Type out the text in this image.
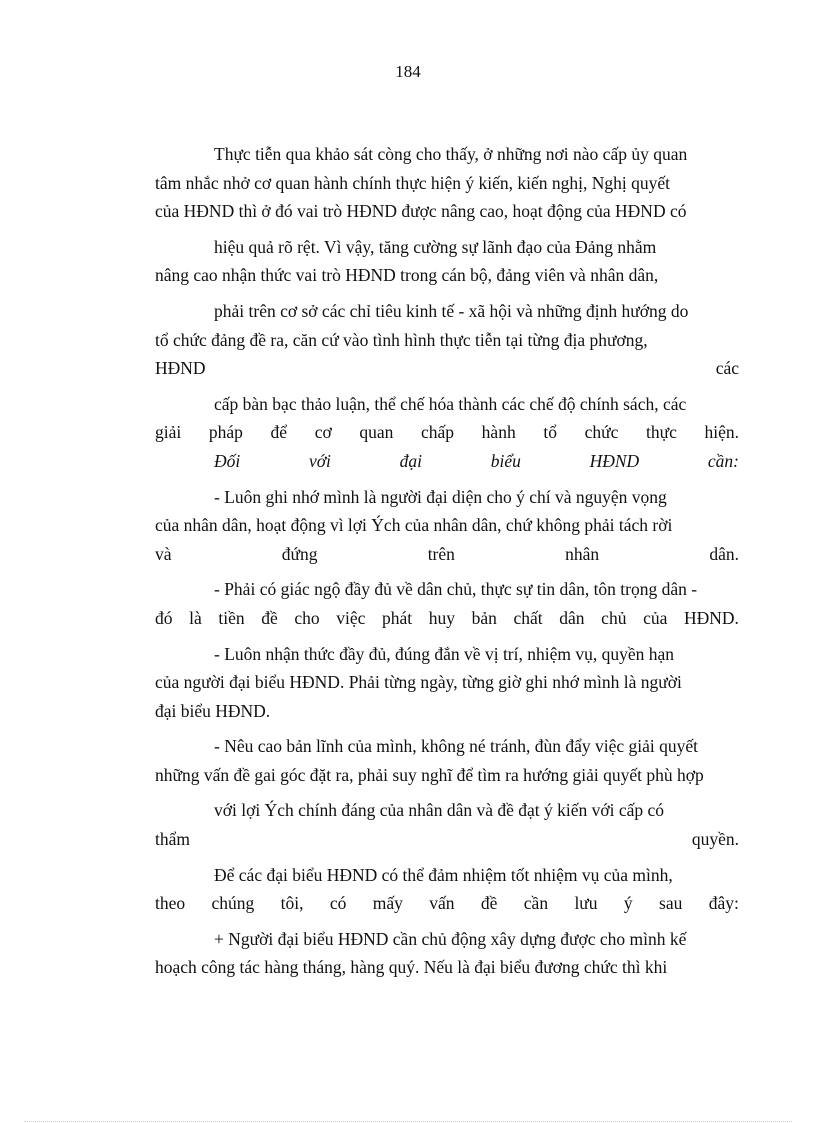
184
Thực tiễn qua khảo sát còng cho thấy, ở những nơi nào cấp ủy quan
tâm nhắc nhở cơ quan hành chính thực hiện ý kiến, kiến nghị, Nghị quyết
của HĐND thì ở đó vai trò HĐND được nâng cao, hoạt động của HĐND có
hiệu quả rõ rệt. Vì vậy, tăng cường sự lãnh đạo của Đảng nhằm
nâng cao nhận thức vai trò HĐND trong cán bộ, đảng viên và nhân dân,
phải trên cơ sở các chỉ tiêu kinh tế - xã hội và những định hướng do
tổ chức đảng đề ra, căn cứ vào tình hình thực tiễn tại từng địa phương,
HĐND	các
cấp bàn bạc thảo luận, thể chế hóa thành các chế độ chính sách, các
giải pháp để cơ quan chấp hành tổ chức thực hiện.
Đối	với	đại	biểu	HĐND	cần:
- Luôn ghi nhớ mình là người đại diện cho ý chí và nguyện vọng
của nhân dân, hoạt động vì lợi Ých của nhân dân, chứ không phải tách rời
và	đứng	trên	nhân	dân.
- Phải có giác ngộ đầy đủ về dân chủ, thực sự tin dân, tôn trọng dân -
đó là tiền đề cho việc phát huy bản chất dân chủ của HĐND.
- Luôn nhận thức đầy đủ, đúng đắn về vị trí, nhiệm vụ, quyền hạn
của người đại biểu HĐND. Phải từng ngày, từng giờ ghi nhớ mình là người
đại biểu HĐND.
- Nêu cao bản lĩnh của mình, không né tránh, đùn đẩy việc giải quyết
những vấn đề gai góc đặt ra, phải suy nghĩ để tìm ra hướng giải quyết phù hợp
với lợi Ých chính đáng của nhân dân và đề đạt ý kiến với cấp có
thẩm	quyền.
Để các đại biểu HĐND có thể đảm nhiệm tốt nhiệm vụ của mình,
theo chúng tôi, có mấy vấn đề cần lưu ý sau đây:
+ Người đại biểu HĐND cần chủ động xây dựng được cho mình kế
hoạch công tác hàng tháng, hàng quý. Nếu là đại biểu đương chức thì khi
